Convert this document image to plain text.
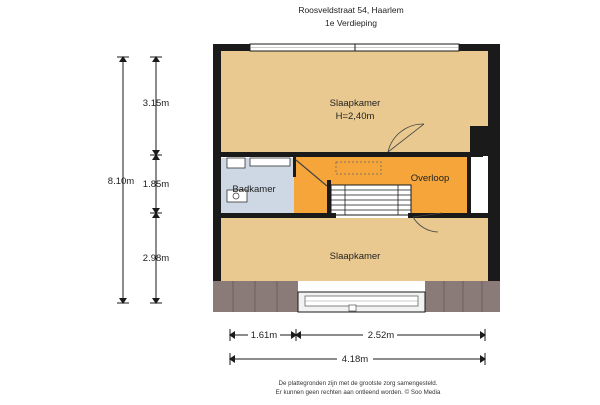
Roosveldstraat 54, Haarlem
1e Verdieping
Slaapkamer
H=2,40m
Badkamer
Overloop
Slaapkamer
8.10m
3.15m
1.85m
2.98m
1.61m	2.52m
4.18m
De plattegronden zijn met de grootste zorg samengesteld.
Er kunnen geen rechten aan ontleend worden. © Soo Media
